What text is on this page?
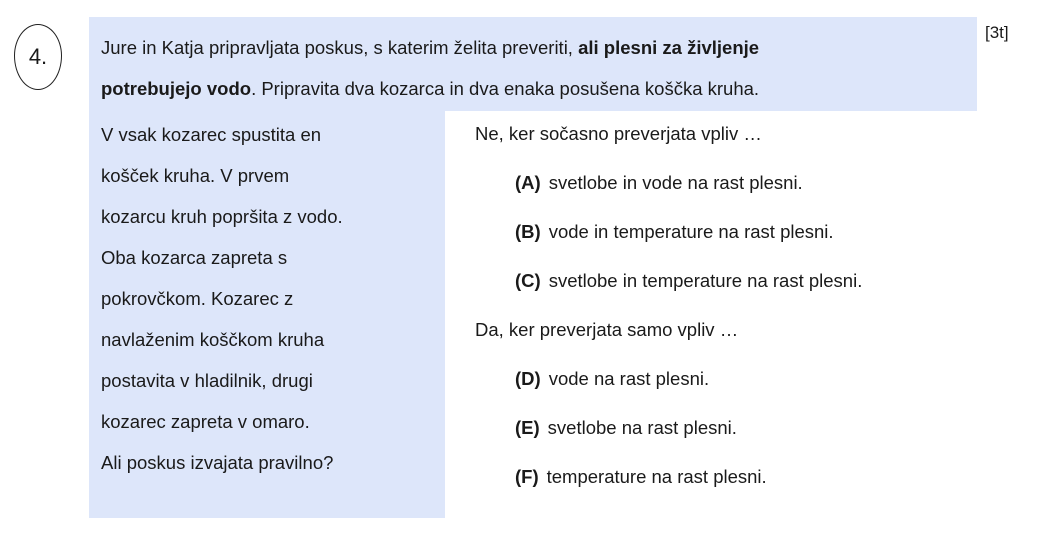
4.	Jure in Katja pripravljata poskus, s katerim želita preveriti, ali plesni za življenje
potrebujejo vodo. Pripravita dva kozarca in dva enaka posušena koščka kruha.
[3t]
V vsak kozarec spustita en
košček kruha. V prvem
kozarcu kruh popršita z vodo.
Oba kozarca zapreta s
pokrovčkom. Kozarec z
navlaženim koščkom kruha
postavita v hladilnik, drugi
kozarec zapreta v omaro.
Ali poskus izvajata pravilno?
Ne, ker sočasno preverjata vpliv …
(A) svetlobe in vode na rast plesni.
(B) vode in temperature na rast plesni.
(C) svetlobe in temperature na rast plesni.
Da, ker preverjata samo vpliv …
(D) vode na rast plesni.
(E) svetlobe na rast plesni.
(F) temperature na rast plesni.
